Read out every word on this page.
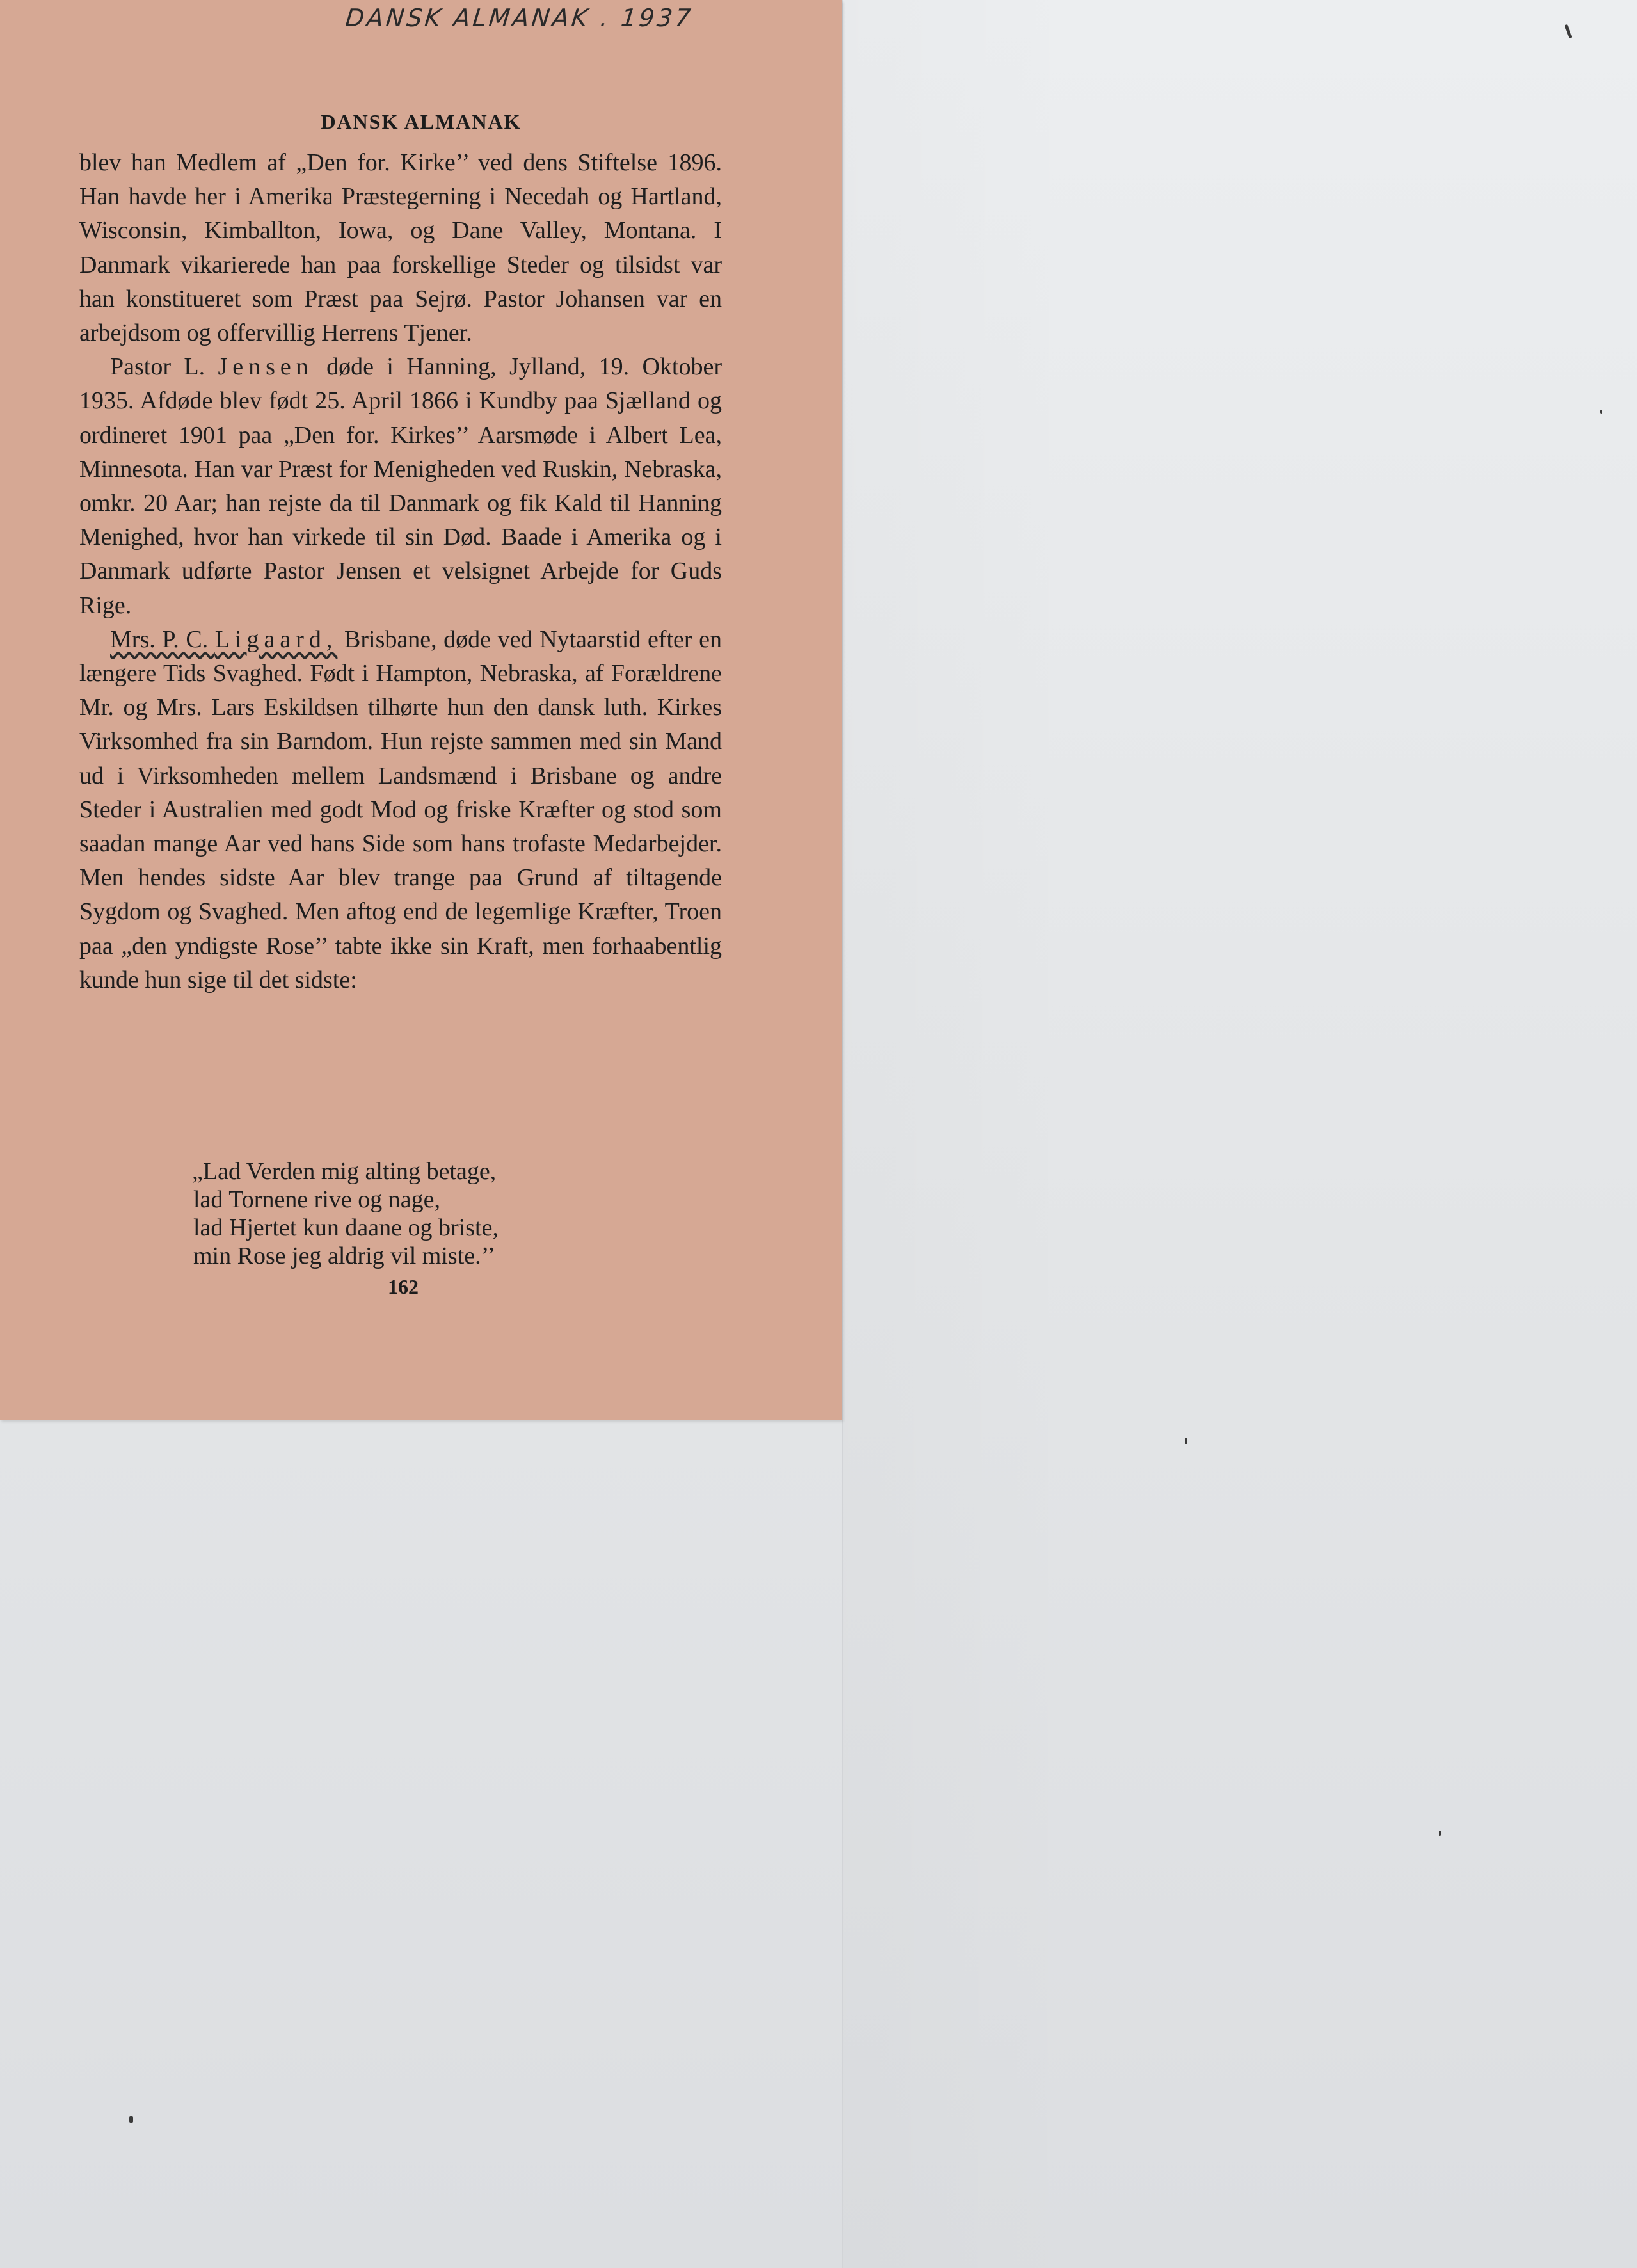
DANSK ALMANAK . 1937
DANSK ALMANAK

blev han Medlem af „Den for. Kirke’’ ved dens Stiftelse 1896. Han havde her i Amerika Præstegerning i Necedah og Hartland, Wisconsin, Kimballton, Iowa, og Dane Valley, Montana. I Danmark vikarierede han paa forskellige Steder og tilsidst var han konstitueret som Præst paa Sejrø. Pastor Johansen var en arbejdsom og offervillig Herrens Tjener.

Pastor L. Jensen døde i Hanning, Jylland, 19. Oktober 1935. Afdøde blev født 25. April 1866 i Kundby paa Sjælland og ordineret 1901 paa „Den for. Kirkes’’ Aarsmøde i Albert Lea, Minnesota. Han var Præst for Menigheden ved Ruskin, Nebraska, omkr. 20 Aar; han rejste da til Danmark og fik Kald til Hanning Menighed, hvor han virkede til sin Død. Baade i Amerika og i Danmark udførte Pastor Jensen et velsignet Arbejde for Guds Rige.

Mrs. P. C. Ligaard, Brisbane, døde ved Nytaarstid efter en længere Tids Svaghed. Født i Hampton, Nebraska, af Forældrene Mr. og Mrs. Lars Eskildsen tilhørte hun den dansk luth. Kirkes Virksomhed fra sin Barndom. Hun rejste sammen med sin Mand ud i Virksomheden mellem Landsmænd i Brisbane og andre Steder i Australien med godt Mod og friske Kræfter og stod som saadan mange Aar ved hans Side som hans trofaste Medarbejder. Men hendes sidste Aar blev trange paa Grund af tiltagende Sygdom og Svaghed. Men aftog end de legemlige Kræfter, Troen paa „den yndigste Rose’’ tabte ikke sin Kraft, men forhaabentlig kunde hun sige til det sidste:

„Lad Verden mig alting betage,
lad Tornene rive og nage,
lad Hjertet kun daane og briste,
min Rose jeg aldrig vil miste.’’
162
